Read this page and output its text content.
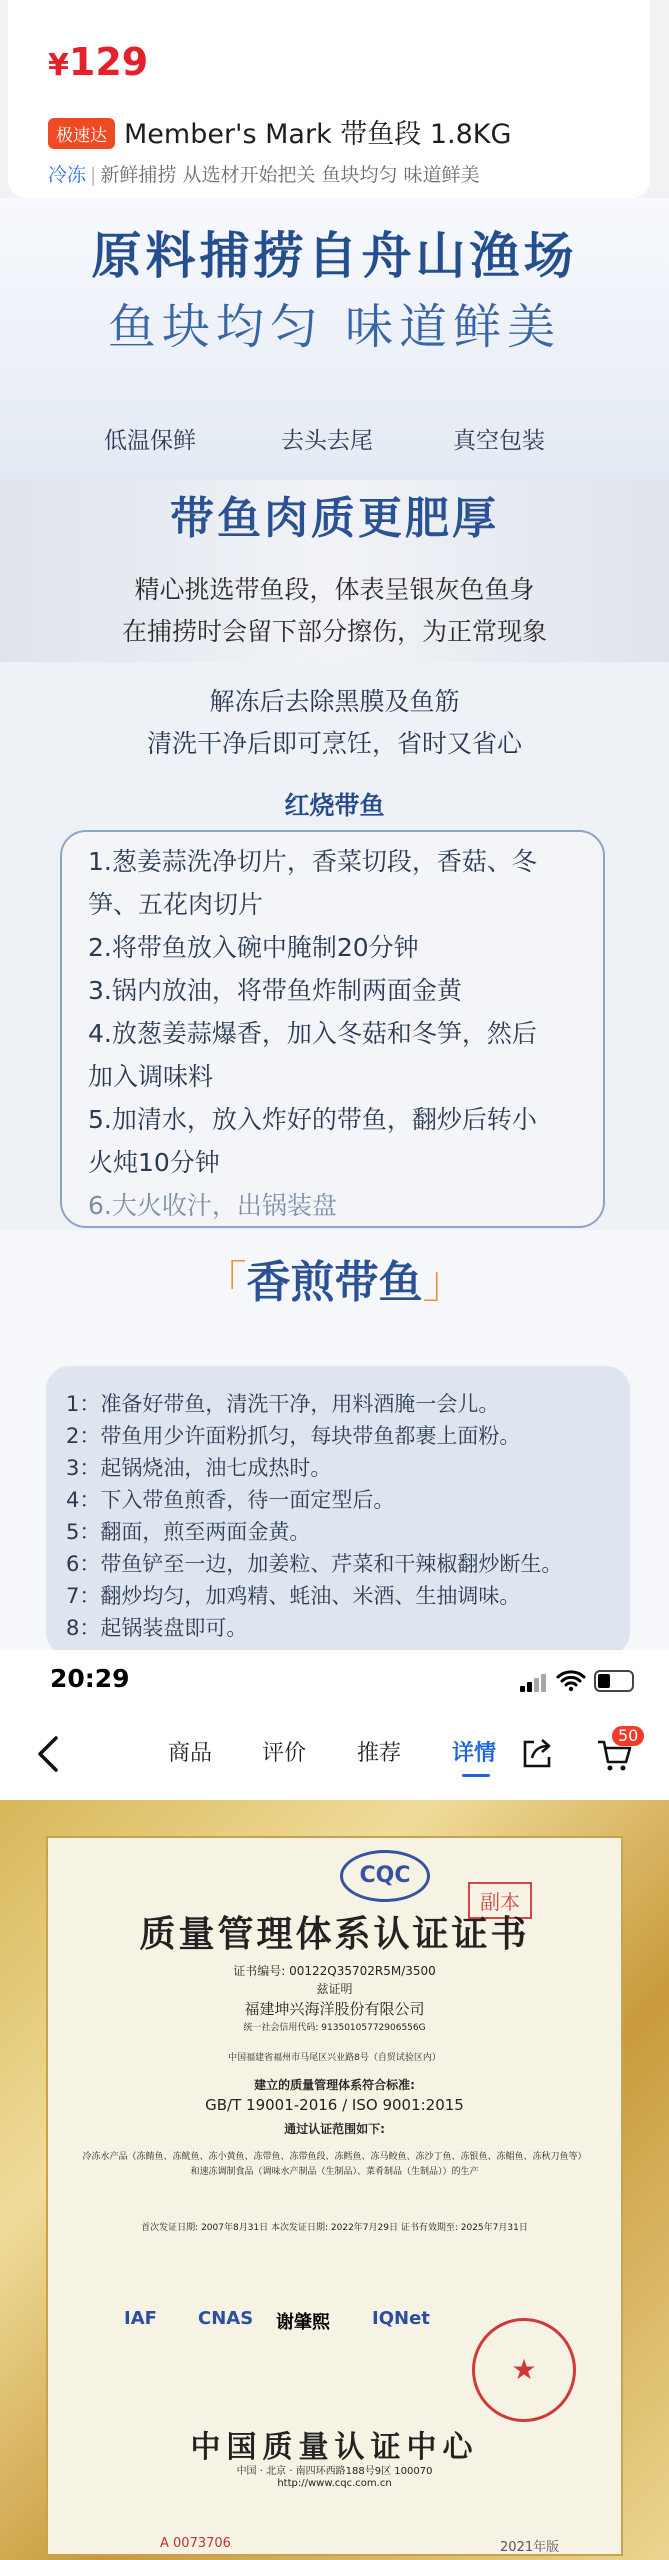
¥129
极速达 Member's Mark 带鱼段 1.8KG
冷冻 | 新鲜捕捞 从选材开始把关 鱼块均匀 味道鲜美
原料捕捞自舟山渔场
鱼块均匀 味道鲜美
低温保鲜	去头去尾	真空包装
带鱼肉质更肥厚
精心挑选带鱼段，体表呈银灰色鱼身
在捕捞时会留下部分擦伤，为正常现象
解冻后去除黑膜及鱼筋
清洗干净后即可烹饪，省时又省心
红烧带鱼
1.葱姜蒜洗净切片，香菜切段，香菇、冬
笋、五花肉切片
2.将带鱼放入碗中腌制20分钟
3.锅内放油，将带鱼炸制两面金黄
4.放葱姜蒜爆香，加入冬菇和冬笋，然后
加入调味料
5.加清水，放入炸好的带鱼，翻炒后转小
火炖10分钟
6.大火收汁，出锅装盘
「香煎带鱼」
1：准备好带鱼，清洗干净，用料酒腌一会儿。
2：带鱼用少许面粉抓匀，每块带鱼都裹上面粉。
3：起锅烧油，油七成热时。
4：下入带鱼煎香，待一面定型后。
5：翻面，煎至两面金黄。
6：带鱼铲至一边，加姜粒、芹菜和干辣椒翻炒断生。
7：翻炒均匀，加鸡精、蚝油、米酒、生抽调味。
8：起锅装盘即可。
20:29
商品 评价 推荐 详情
50
CQC
副本
质量管理体系认证证书
证书编号: 00122Q35702R5M/3500
兹证明
福建坤兴海洋股份有限公司
统一社会信用代码: 91350105772906556G
中国福建省福州市马尾区兴业路8号（自贸试验区内）
建立的质量管理体系符合标准:
GB/T 19001-2016 / ISO 9001:2015
通过认证范围如下:
冷冻水产品（冻鲭鱼、冻鱿鱼、冻小黄鱼、冻带鱼、冻带鱼段、冻鳕鱼、冻马鲛鱼、冻沙丁鱼、冻银鱼、冻鲳鱼、冻秋刀鱼等）和速冻调制食品（调味水产制品（生制品）、菜肴制品（生制品））的生产
首次发证日期: 2007年8月31日 本次发证日期: 2022年7月29日 证书有效期至: 2025年7月31日
IAF CNAS 谢肇熙 IQNet
★
中国质量认证中心
中国 · 北京 · 南四环西路188号9区 100070
http://www.cqc.com.cn
A 0073706	2021年版
